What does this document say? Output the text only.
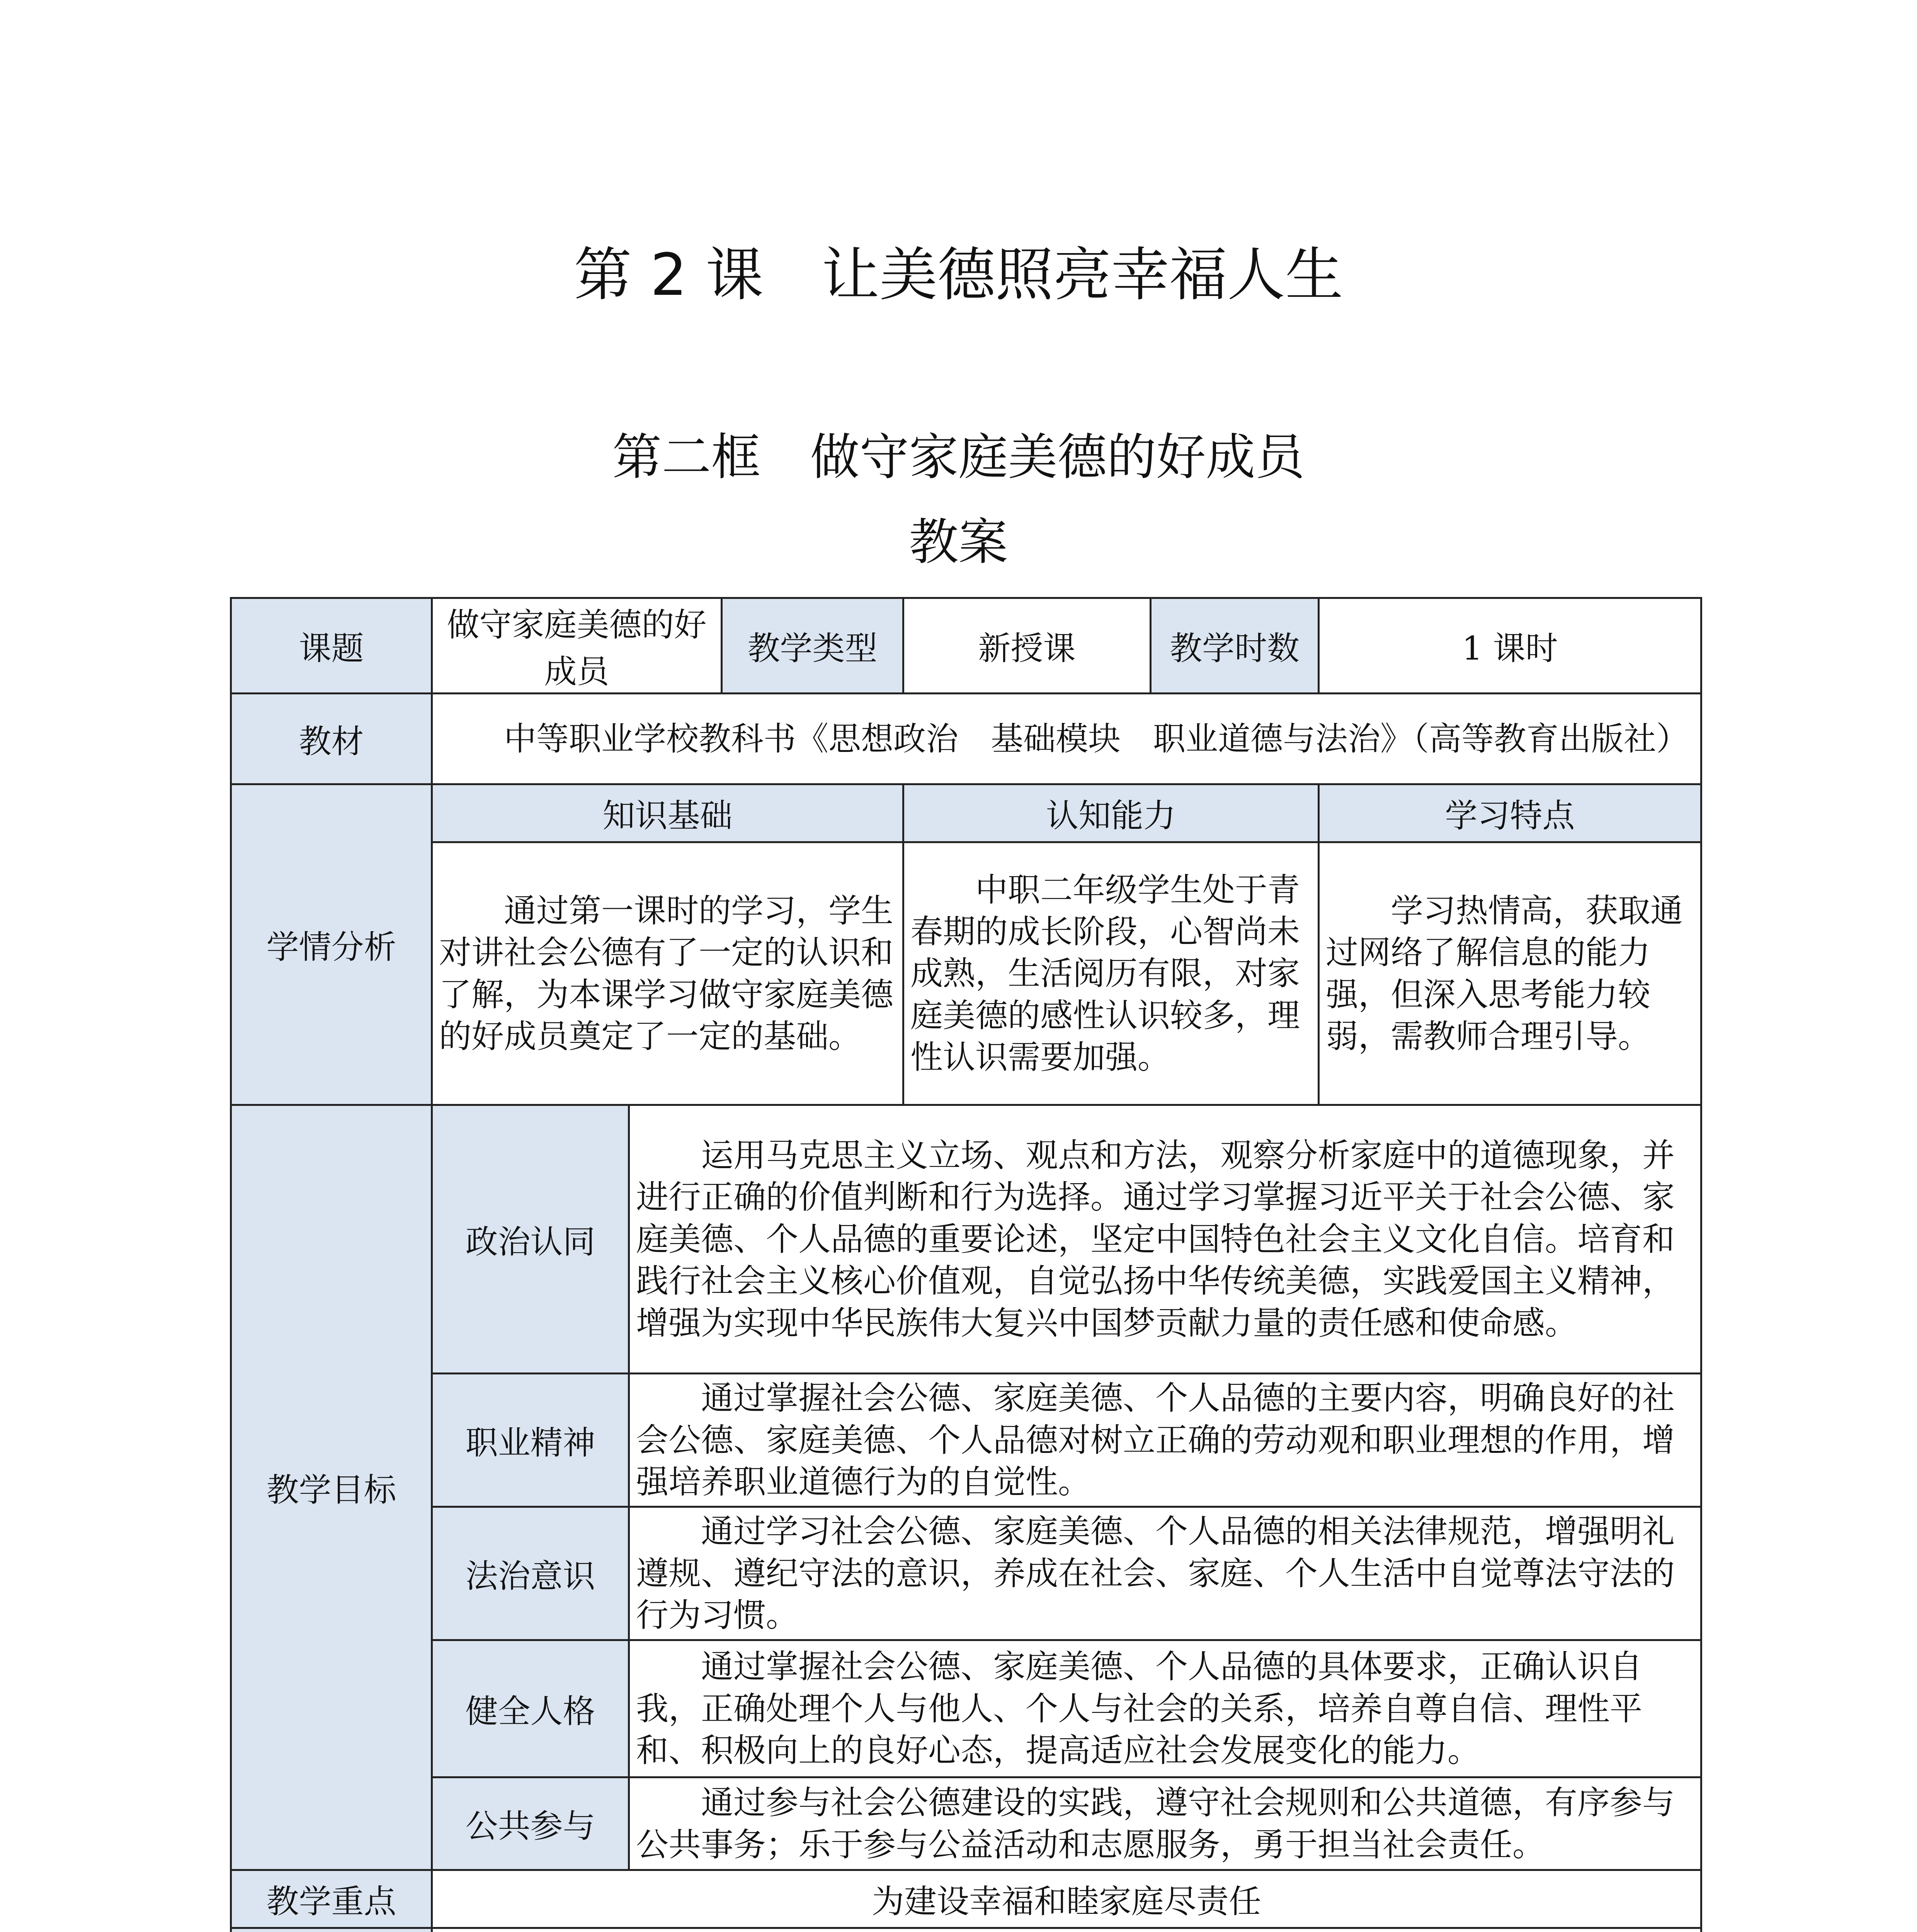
第 2 课　让美德照亮幸福人生
第二框　做守家庭美德的好成员
教案
课题	做守家庭美德的好成员		教学类型	新授课	教学时数	1 课时
教材	中等职业学校教科书《思想政治　基础模块　职业道德与法治》（高等教育出版社）					

学情分析	知识基础			认知能力		学习特点

	通过第一课时的学习，学生对讲社会公德有了一定的认识和了解，为本课学习做守家庭美德的好成员奠定了一定的基础。			中职二年级学生处于青春期的成长阶段，心智尚未成熟，生活阅历有限，对家庭美德的感性认识较多，理性认识需要加强。		学习热情高，获取通过网络了解信息的能力强，但深入思考能力较弱，需教师合理引导。

教学目标	政治认同	运用马克思主义立场、观点和方法，观察分析家庭中的道德现象，并进行正确的价值判断和行为选择。通过学习掌握习近平关于社会公德、家庭美德、个人品德的重要论述，坚定中国特色社会主义文化自信。培育和践行社会主义核心价值观，自觉弘扬中华传统美德，实践爱国主义精神，增强为实现中华民族伟大复兴中国梦贡献力量的责任感和使命感。				

	职业精神	通过掌握社会公德、家庭美德、个人品德的主要内容，明确良好的社会公德、家庭美德、个人品德对树立正确的劳动观和职业理想的作用，增强培养职业道德行为的自觉性。				

	法治意识	通过学习社会公德、家庭美德、个人品德的相关法律规范，增强明礼遵规、遵纪守法的意识，养成在社会、家庭、个人生活中自觉尊法守法的行为习惯。				

	健全人格	通过掌握社会公德、家庭美德、个人品德的具体要求，正确认识自我，正确处理个人与他人、个人与社会的关系，培养自尊自信、理性平和、积极向上的良好心态，提高适应社会发展变化的能力。				

	公共参与	通过参与社会公德建设的实践，遵守社会规则和公共道德，有序参与公共事务；乐于参与公益活动和志愿服务，勇于担当社会责任。				

教学重点	为建设幸福和睦家庭尽责任					
